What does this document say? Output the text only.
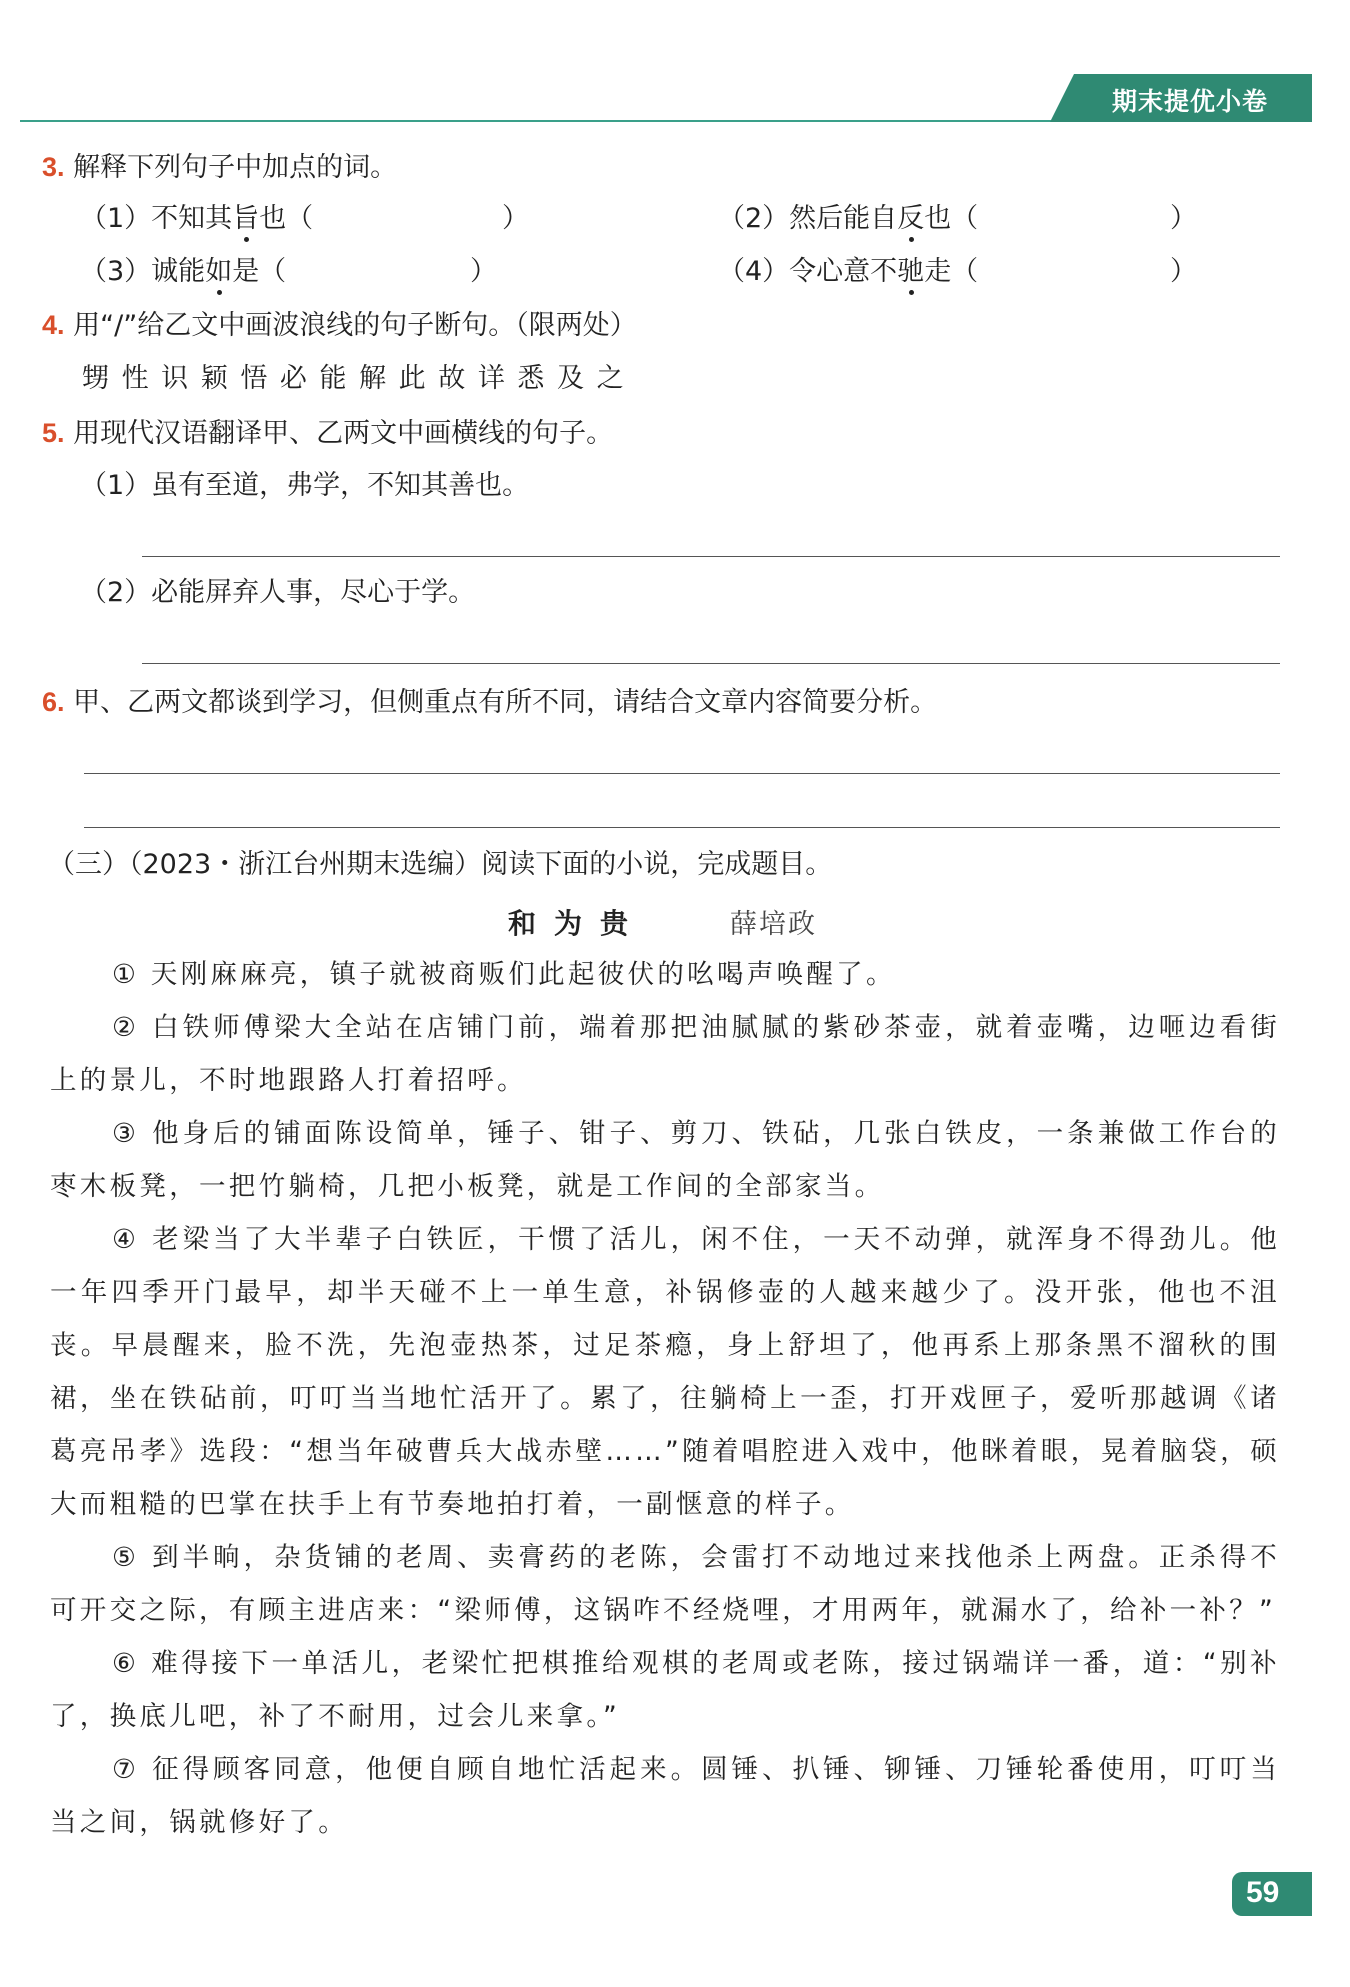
期末提优小卷
3. 解释下列句子中加点的词。
（1）不知其旨也（	）	（2）然后能自反也（	）
（3）诚能如是（	）	（4）令心意不驰走（	）
4. 用“/”给乙文中画波浪线的句子断句。（限两处）
甥 性 识 颖 悟 必 能 解 此 故 详 悉 及 之
5. 用现代汉语翻译甲、乙两文中画横线的句子。
（1）虽有至道，弗学，不知其善也。
（2）必能屏弃人事，尽心于学。
6. 甲、乙两文都谈到学习，但侧重点有所不同，请结合文章内容简要分析。
（三）（2023・浙江台州期末选编）阅读下面的小说，完成题目。
和为贵	薛培政
① 天刚麻麻亮，镇子就被商贩们此起彼伏的吆喝声唤醒了。
② 白铁师傅梁大全站在店铺门前，端着那把油腻腻的紫砂茶壶，就着壶嘴，边咂边看街上的景儿，不时地跟路人打着招呼。
③ 他身后的铺面陈设简单，锤子、钳子、剪刀、铁砧，几张白铁皮，一条兼做工作台的枣木板凳，一把竹躺椅，几把小板凳，就是工作间的全部家当。
④ 老梁当了大半辈子白铁匠，干惯了活儿，闲不住，一天不动弹，就浑身不得劲儿。他一年四季开门最早，却半天碰不上一单生意，补锅修壶的人越来越少了。没开张，他也不沮丧。早晨醒来，脸不洗，先泡壶热茶，过足茶瘾，身上舒坦了，他再系上那条黑不溜秋的围裙，坐在铁砧前，叮叮当当地忙活开了。累了，往躺椅上一歪，打开戏匣子，爱听那越调《诸葛亮吊孝》选段：“想当年破曹兵大战赤壁……”随着唱腔进入戏中，他眯着眼，晃着脑袋，硕大而粗糙的巴掌在扶手上有节奏地拍打着，一副惬意的样子。
⑤ 到半晌，杂货铺的老周、卖膏药的老陈，会雷打不动地过来找他杀上两盘。正杀得不可开交之际，有顾主进店来：“梁师傅，这锅咋不经烧哩，才用两年，就漏水了，给补一补？”
⑥ 难得接下一单活儿，老梁忙把棋推给观棋的老周或老陈，接过锅端详一番，道：“别补了，换底儿吧，补了不耐用，过会儿来拿。”
⑦ 征得顾客同意，他便自顾自地忙活起来。圆锤、扒锤、铆锤、刀锤轮番使用，叮叮当当之间，锅就修好了。
59
